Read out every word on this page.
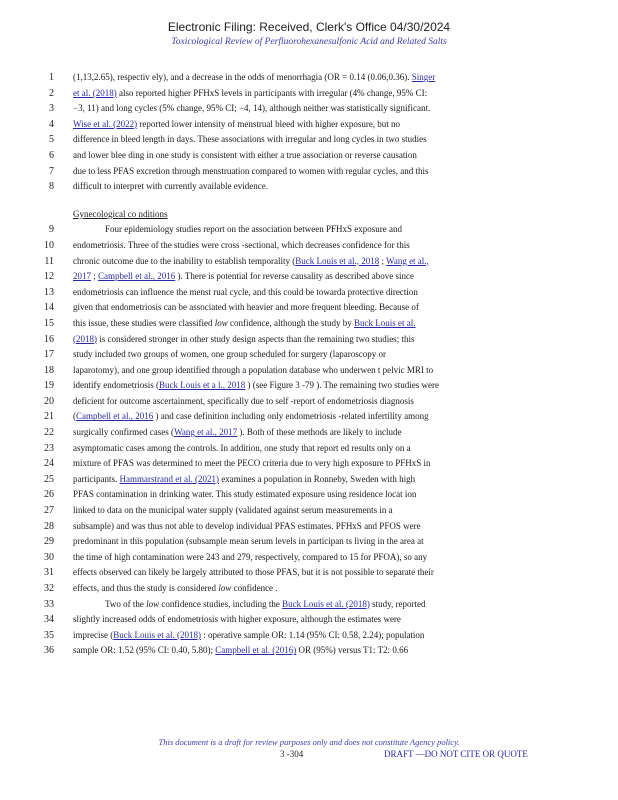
Electronic Filing: Received, Clerk's Office 04/30/2024
Toxicological Review of Perfluorohexanesulfonic Acid and Related Salts
1 (1,13,2.65), respectiv ely), and a decrease in the odds of menorrhagia (OR = 0.14 (0.06,0.36). Singer
2 et al. (2018) also reported higher PFHxS levels in participants with irregular (4% change, 95% CI:
3 −3, 11) and long cycles (5% change, 95% CI; −4, 14), although neither was statistically significant.
4 Wise et al. (2022) reported lower intensity of menstrual bleed with higher exposure, but no
5 difference in bleed length in days. These associations with irregular and long cycles in two studies
6 and lower blee ding in one study is consistent with either a true association or reverse causation
7 due to less PFAS excretion through menstruation compared to women with regular cycles, and this
8 difficult to interpret with currently available evidence.
Gynecological co nditions
9	Four epidemiology studies report on the association between PFHxS exposure and
10 endometriosis. Three of the studies were cross -sectional, which decreases confidence for this
11 chronic outcome due to the inability to establish temporality (Buck Louis et al., 2018 ; Wang et al.,
12 2017 ; Campbell et al., 2016 ). There is potential for reverse causality as described above since
13 endometriosis can influence the menst rual cycle, and this could be towarda protective direction
14 given that endometriosis can be associated with heavier and more frequent bleeding. Because of
15 this issue, these studies were classified low confidence, although the study by Buck Louis et al.
16 (2018) is considered stronger in other study design aspects than the remaining two studies; this
17 study included two groups of women, one group scheduled for surgery (laparoscopy or
18 laparotomy), and one group identified through a population database who underwen t pelvic MRI to
19 identify endometriosis (Buck Louis et a l., 2018 ) (see Figure 3 -79 ). The remaining two studies were
20 deficient for outcome ascertainment, specifically due to self -report of endometriosis diagnosis
21 (Campbell et al., 2016 ) and case definition including only endometriosis -related infertility among
22 surgically confirmed cases (Wang et al., 2017 ). Both of these methods are likely to include
23 asymptomatic cases among the controls. In addition, one study that report ed results only on a
24 mixture of PFAS was determined to meet the PECO criteria due to very high exposure to PFHxS in
25 participants. Hammarstrand et al. (2021) examines a population in Ronneby, Sweden with high
26 PFAS contamination in drinking water. This study estimated exposure using residence locat ion
27 linked to data on the municipal water supply (validated against serum measurements in a
28 subsample) and was thus not able to develop individual PFAS estimates. PFHxS and PFOS were
29 predominant in this population (subsample mean serum levels in participan ts living in the area at
30 the time of high contamination were 243 and 279, respectively, compared to 15 for PFOA), so any
31 effects observed can likely be largely attributed to those PFAS, but it is not possible to separate their
32 effects, and thus the study is considered low confidence .
33	Two of the low confidence studies, including the Buck Louis et al. (2018) study, reported
34 slightly increased odds of endometriosis with higher exposure, although the estimates were
35 imprecise (Buck Louis et al. (2018) : operative sample OR: 1.14 (95% CI: 0.58, 2.24); population
36 sample OR: 1.52 (95% CI: 0.40, 5.80); Campbell et al. (2016) OR (95%) versus T1: T2: 0.66
This document is a draft for review purposes only and does not constitute Agency policy.
3 -304	DRAFT —DO NOT CITE OR QUOTE
